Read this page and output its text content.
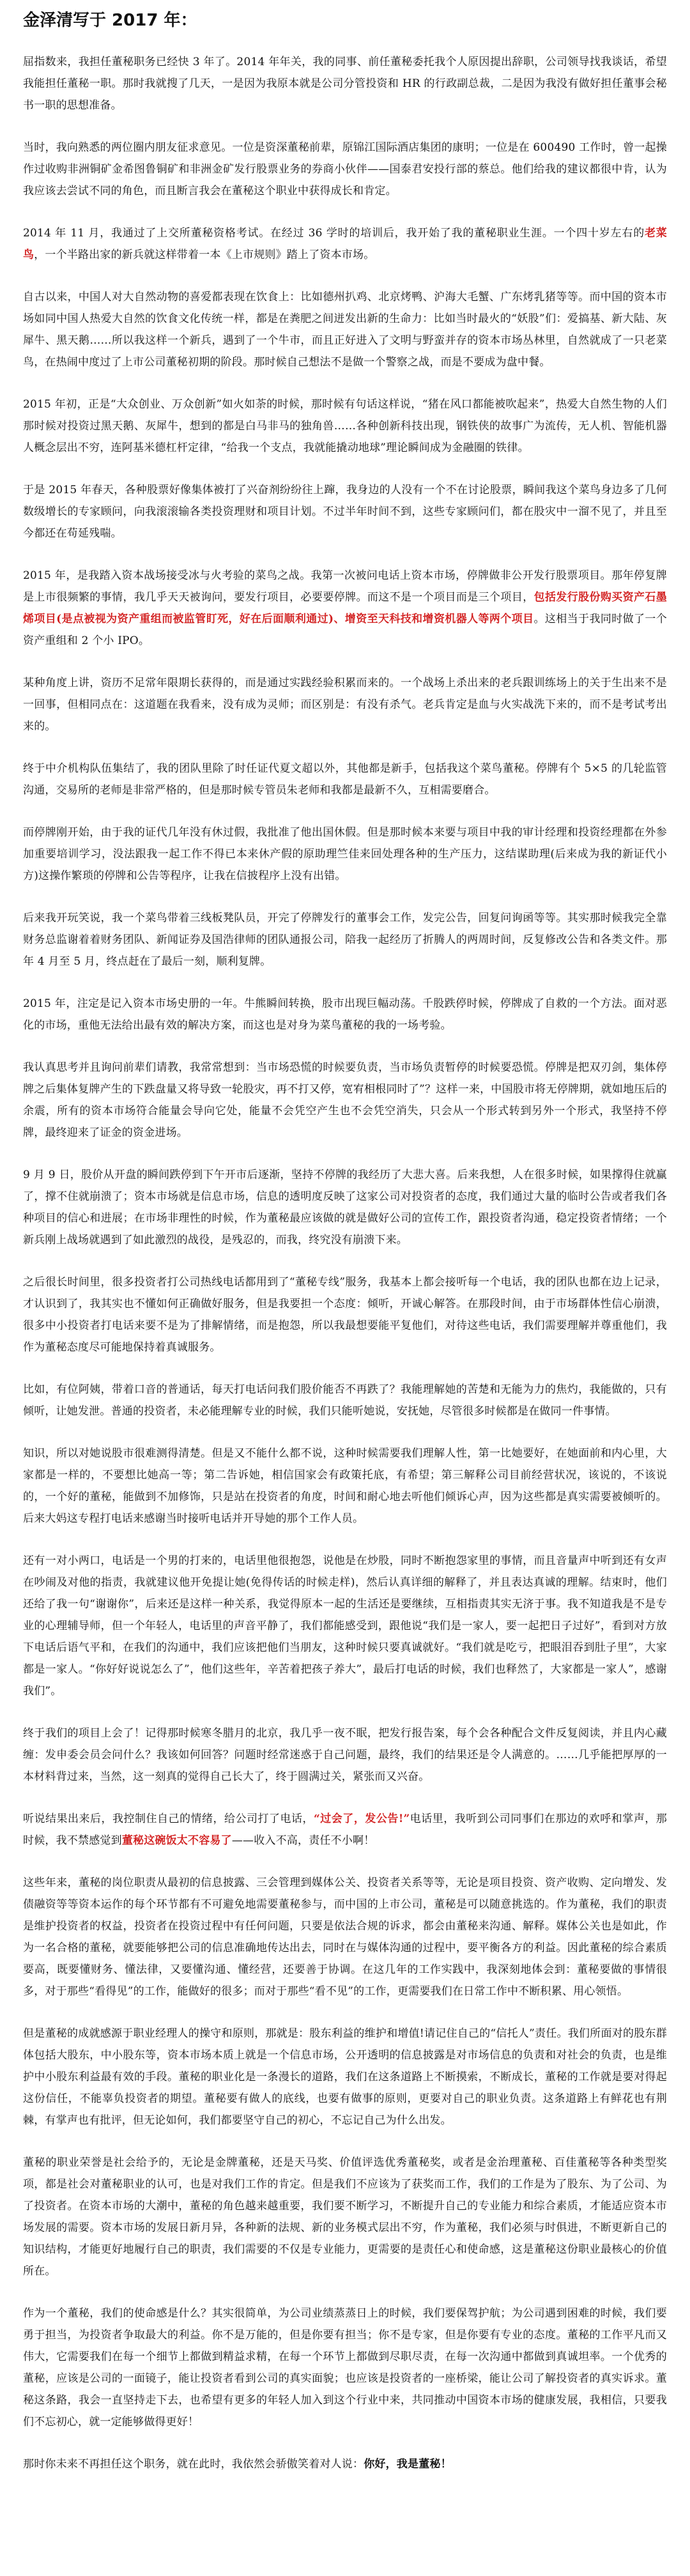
金泽清写于 2017 年：

屈指数来，我担任董秘职务已经快 3 年了。2014 年年关，我的同事、前任董秘委托我个人原因提出辞职，公司领导找我谈话，希望我能担任董秘一职。那时我就搜了几天，一是因为我原本就是公司分管投资和 HR 的行政副总裁，二是因为我没有做好担任董事会秘书一职的思想准备。

当时，我向熟悉的两位圈内朋友征求意见。一位是资深董秘前辈，原锦江国际酒店集团的康明；一位是在 600490 工作时，曾一起操作过收购非洲铜矿金希图鲁铜矿和非洲金矿发行股票业务的券商小伙伴——国泰君安投行部的蔡总。他们给我的建议都很中肯，认为我应该去尝试不同的角色，而且断言我会在董秘这个职业中获得成长和肯定。

2014 年 11 月，我通过了上交所董秘资格考试。在经过 36 学时的培训后，我开始了我的董秘职业生涯。一个四十岁左右的老菜鸟，一个半路出家的新兵就这样带着一本《上市规则》踏上了资本市场。

自古以来，中国人对大自然动物的喜爱都表现在饮食上：比如德州扒鸡、北京烤鸭、沪海大毛蟹、广东烤乳猪等等。而中国的资本市场如同中国人热爱大自然的饮食文化传统一样，都是在粪肥之间迸发出新的生命力：比如当时最火的“妖股”们：爱搞基、新大陆、灰犀牛、黑天鹅……所以我这样一个新兵，遇到了一个牛市，而且正好进入了文明与野蛮并存的资本市场丛林里，自然就成了一只老菜鸟，在热闹中度过了上市公司董秘初期的阶段。那时候自己想法不是做一个警察之战，而是不要成为盘中餐。

2015 年初，正是“大众创业、万众创新”如火如荼的时候，那时候有句话这样说，“猪在风口都能被吹起来”，热爱大自然生物的人们那时候对投资过黑天鹅、灰犀牛，想到的都是白马非马的独角兽……各种创新科技出现，钢铁侠的故事广为流传，无人机、智能机器人概念层出不穷，连阿基米德杠杆定律，“给我一个支点，我就能撬动地球”理论瞬间成为金融圈的铁律。

于是 2015 年春天，各种股票好像集体被打了兴奋剂纷纷往上蹿，我身边的人没有一个不在讨论股票，瞬间我这个菜鸟身边多了几何数级增长的专家顾问，向我滚滚输各类投资理财和项目计划。不过半年时间不到，这些专家顾问们，都在股灾中一溜不见了，并且至今都还在苟延残喘。

2015 年，是我踏入资本战场接受冰与火考验的菜鸟之战。我第一次被问电话上资本市场，停牌做非公开发行股票项目。那年停复牌是上市很频繁的事情，我几乎天天被询问，要发行项目，必要要停牌。而这不是一个项目而是三个项目，包括发行股份购买资产石墨烯项目(是点被视为资产重组而被监管盯死，好在后面顺利通过)、增资至天科技和增资机器人等两个项目。这相当于我同时做了一个资产重组和 2 个小 IPO。

某种角度上讲，资历不足常年限期长获得的，而是通过实践经验积累而来的。一个战场上杀出来的老兵跟训练场上的关于生出来不是一回事，但相同点在：这道题在我看来，没有成为灵师；而区别是：有没有杀气。老兵肯定是血与火实战洗下来的，而不是考试考出来的。

终于中介机构队伍集结了，我的团队里除了时任证代夏文超以外，其他都是新手，包括我这个菜鸟董秘。停牌有个 5×5 的几轮监管沟通，交易所的老师是非常严格的，但是那时候专管员朱老师和我都是最新不久，互相需要磨合。

而停牌刚开始，由于我的证代几年没有休过假，我批准了他出国休假。但是那时候本来要与项目中我的审计经理和投资经理都在外参加重要培训学习，没法跟我一起工作不得已本来休产假的原助理竺佳来回处理各种的生产压力，这结谋助理(后来成为我的新证代小方)这操作繁琐的停牌和公告等程序，让我在信披程序上没有出错。

后来我开玩笑说，我一个菜鸟带着三线板凳队员，开完了停牌发行的董事会工作，发完公告，回复问询函等等。其实那时候我完全靠财务总监谢着着财务团队、新闻证券及国浩律师的团队通报公司，陪我一起经历了折腾人的两周时间，反复修改公告和各类文件。那年 4 月至 5 月，终点赶在了最后一刻，顺利复牌。

2015 年，注定是记入资本市场史册的一年。牛熊瞬间转换，股市出现巨幅动荡。千股跌停时候，停牌成了自救的一个方法。面对恶化的市场，重他无法给出最有效的解决方案，而这也是对身为菜鸟董秘的我的一场考验。

我认真思考并且询问前辈们请教，我常常想到：当市场恐慌的时候要负责，当市场负责暂停的时候要恐慌。停牌是把双刃剑，集体停牌之后集体复牌产生的下跌盘量又将导致一轮股灾，再不打又停，宽宥相根同时了”？这样一来，中国股市将无停牌期，就如地压后的余震，所有的资本市场符合能量会导向它处，能量不会凭空产生也不会凭空消失，只会从一个形式转到另外一个形式，我坚持不停牌，最终迎来了证金的资金进场。

9 月 9 日，股价从开盘的瞬间跌停到下午开市后逐渐，坚持不停牌的我经历了大悲大喜。后来我想，人在很多时候，如果撑得住就赢了，撑不住就崩溃了；资本市场就是信息市场，信息的透明度反映了这家公司对投资者的态度，我们通过大量的临时公告或者我们各种项目的信心和进展；在市场非理性的时候，作为董秘最应该做的就是做好公司的宣传工作，跟投资者沟通，稳定投资者情绪；一个新兵刚上战场就遇到了如此激烈的战役，是残忍的，而我，终究没有崩溃下来。

之后很长时间里，很多投资者打公司热线电话都用到了“董秘专线”服务，我基本上都会接听每一个电话，我的团队也都在边上记录，才认识到了，我其实也不懂如何正确做好服务，但是我要担一个态度：倾听，开诚心解答。在那段时间，由于市场群体性信心崩溃，很多中小投资者打电话来要不是为了排解情绪，而是抱怨，所以我最想要能平复他们，对待这些电话，我们需要理解并尊重他们，我作为董秘态度尽可能地保持着真诚服务。

比如，有位阿姨，带着口音的普通话，每天打电话问我们股价能否不再跌了？我能理解她的苦楚和无能为力的焦灼，我能做的，只有倾听，让她发泄。普通的投资者，未必能理解专业的时候，我们只能听她说，安抚她，尽管很多时候都是在做同一件事情。

知识，所以对她说股市很难测得清楚。但是又不能什么都不说，这种时候需要我们理解人性，第一比她要好，在她面前和内心里，大家都是一样的，不要想比她高一等；第二告诉她，相信国家会有政策托底，有希望；第三解释公司目前经营状况，该说的，不该说的，一个好的董秘，能做到不加修饰，只是站在投资者的角度，时间和耐心地去听他们倾诉心声，因为这些都是真实需要被倾听的。后来大妈这专程打电话来感谢当时接听电话并开导她的那个工作人员。

还有一对小两口，电话是一个男的打来的，电话里他很抱怨，说他是在炒股，同时不断抱怨家里的事情，而且音量声中听到还有女声在吵闹及对他的指责，我就建议他开免提让她(免得传话的时候走样)，然后认真详细的解释了，并且表达真诚的理解。结束时，他们还给了我一句“谢谢你”，后来还是这样一种关系，我觉得原本一起的生活还是要继续，互相指责其实无济于事。我不知道我是不是专业的心理辅导师，但一个年轻人，电话里的声音平静了，我们都能感受到，跟他说“我们是一家人，要一起把日子过好”，看到对方放下电话后语气平和，在我们的沟通中，我们应该把他们当朋友，这种时候只要真诚就好。“我们就是吃亏，把眼泪吞到肚子里”，大家都是一家人。“你好好说说怎么了”，他们这些年，辛苦着把孩子养大”，最后打电话的时候，我们也释然了，大家都是一家人”，感谢我们”。

终于我们的项目上会了！记得那时候寒冬腊月的北京，我几乎一夜不眠，把发行报告案，每个会各种配合文件反复阅读，并且内心藏缠：发申委会员会问什么？我该如何回答？问题时经常迷惑于自己问题，最终，我们的结果还是令人满意的。……几乎能把厚厚的一本材料背过来，当然，这一刻真的觉得自己长大了，终于圆满过关，紧张而又兴奋。

听说结果出来后，我控制住自己的情绪，给公司打了电话，“过会了，发公告!”电话里，我听到公司同事们在那边的欢呼和掌声，那时候，我不禁感觉到董秘这碗饭太不容易了——收入不高，责任不小啊！

这些年来，董秘的岗位职责从最初的信息披露、三会管理到媒体公关、投资者关系等等，无论是项目投资、资产收购、定向增发、发债融资等等资本运作的每个环节都有不可避免地需要董秘参与，而中国的上市公司，董秘是可以随意挑选的。作为董秘，我们的职责是维护投资者的权益，投资者在投资过程中有任何问题，只要是依法合规的诉求，都会由董秘来沟通、解释。媒体公关也是如此，作为一名合格的董秘，就要能够把公司的信息准确地传达出去，同时在与媒体沟通的过程中，要平衡各方的利益。因此董秘的综合素质要高，既要懂财务、懂法律，又要懂沟通、懂经营，还要善于协调。在这几年的工作实践中，我深刻地体会到：董秘要做的事情很多，对于那些“看得见”的工作，能做好的很多；而对于那些“看不见”的工作，更需要我们在日常工作中不断积累、用心领悟。

但是董秘的成就感源于职业经理人的操守和原则，那就是：股东利益的维护和增值!请记住自己的“信托人”责任。我们所面对的股东群体包括大股东，中小股东等，资本市场本质上就是一个信息市场，公开透明的信息披露是对市场信息的负责和对社会的负责，也是维护中小股东利益最有效的手段。董秘的职业化是一条漫长的道路，我们在这条道路上不断摸索，不断成长，董秘的工作就是要对得起这份信任，不能辜负投资者的期望。董秘要有做人的底线，也要有做事的原则，更要对自己的职业负责。这条道路上有鲜花也有荆棘，有掌声也有批评，但无论如何，我们都要坚守自己的初心，不忘记自己为什么出发。

董秘的职业荣誉是社会给予的，无论是金牌董秘，还是天马奖、价值评选优秀董秘奖，或者是金治理董秘、百佳董秘等各种类型奖项，都是社会对董秘职业的认可，也是对我们工作的肯定。但是我们不应该为了获奖而工作，我们的工作是为了股东、为了公司、为了投资者。在资本市场的大潮中，董秘的角色越来越重要，我们要不断学习，不断提升自己的专业能力和综合素质，才能适应资本市场发展的需要。资本市场的发展日新月异，各种新的法规、新的业务模式层出不穷，作为董秘，我们必须与时俱进，不断更新自己的知识结构，才能更好地履行自己的职责，我们需要的不仅是专业能力，更需要的是责任心和使命感，这是董秘这份职业最核心的价值所在。

作为一个董秘，我们的使命感是什么？其实很简单，为公司业绩蒸蒸日上的时候，我们要保驾护航；为公司遇到困难的时候，我们要勇于担当，为投资者争取最大的利益。你不是万能的，但是你要有担当；你不是专家，但是你要有专业的态度。董秘的工作平凡而又伟大，它需要我们在每一个细节上都做到精益求精，在每一个环节上都做到尽职尽责，在每一次沟通中都做到真诚坦率。一个优秀的董秘，应该是公司的一面镜子，能让投资者看到公司的真实面貌；也应该是投资者的一座桥梁，能让公司了解投资者的真实诉求。董秘这条路，我会一直坚持走下去，也希望有更多的年轻人加入到这个行业中来，共同推动中国资本市场的健康发展，我相信，只要我们不忘初心，就一定能够做得更好！

那时你未来不再担任这个职务，就在此时，我依然会骄傲笑着对人说：你好，我是董秘！
